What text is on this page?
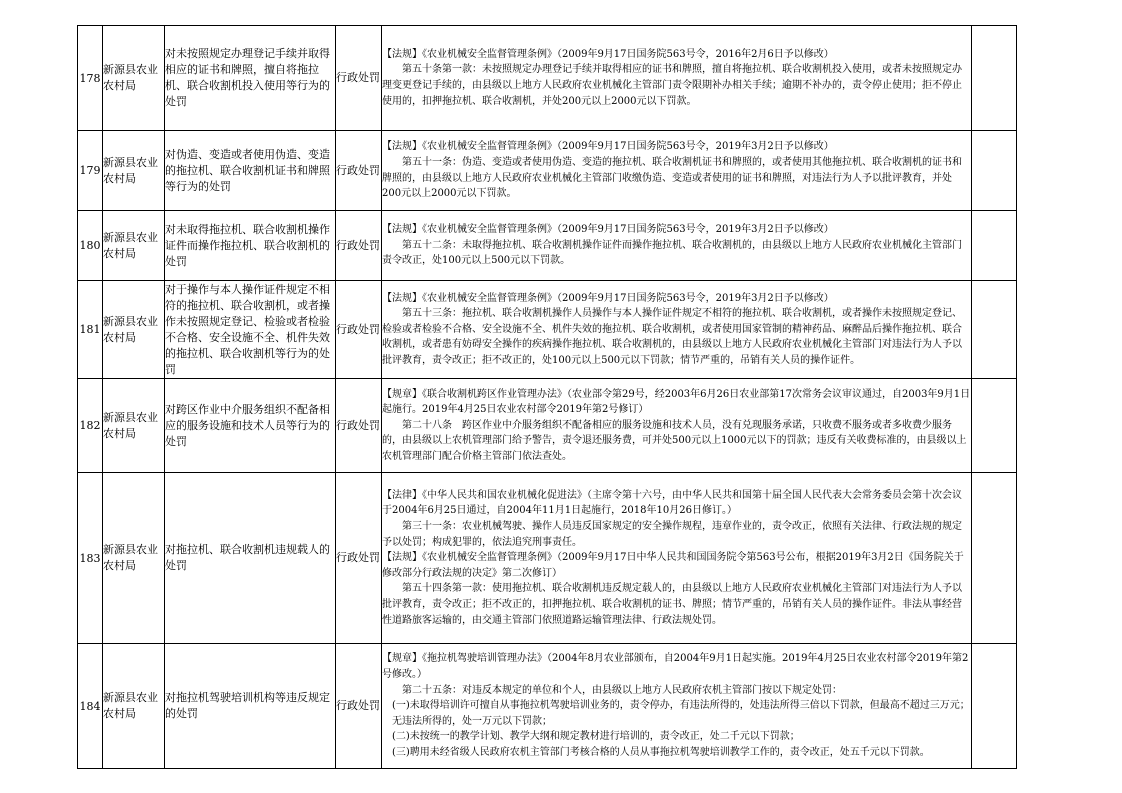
178	新源县农业农村局	对未按照规定办理登记手续并取得相应的证书和牌照，擅自将拖拉机、联合收割机投入使用等行为的处罚	行政处罚	【法规】《农业机械安全监督管理条例》（2009年9月17日国务院563号令，2016年2月6日予以修改）
第五十条第一款：未按照规定办理登记手续并取得相应的证书和牌照，擅自将拖拉机、联合收割机投入使用，或者未按照规定办理变更登记手续的，由县级以上地方人民政府农业机械化主管部门责令限期补办相关手续；逾期不补办的，责令停止使用；拒不停止使用的，扣押拖拉机、联合收割机，并处200元以上2000元以下罚款。	

179	新源县农业农村局	对伪造、变造或者使用伪造、变造的拖拉机、联合收割机证书和牌照等行为的处罚	行政处罚	【法规】《农业机械安全监督管理条例》（2009年9月17日国务院563号令，2019年3月2日予以修改）
第五十一条：伪造、变造或者使用伪造、变造的拖拉机、联合收割机证书和牌照的，或者使用其他拖拉机、联合收割机的证书和牌照的，由县级以上地方人民政府农业机械化主管部门收缴伪造、变造或者使用的证书和牌照，对违法行为人予以批评教育，并处200元以上2000元以下罚款。	

180	新源县农业农村局	对未取得拖拉机、联合收割机操作证件而操作拖拉机、联合收割机的处罚	行政处罚	【法规】《农业机械安全监督管理条例》（2009年9月17日国务院563号令，2019年3月2日予以修改）
第五十二条：未取得拖拉机、联合收割机操作证件而操作拖拉机、联合收割机的，由县级以上地方人民政府农业机械化主管部门责令改正，处100元以上500元以下罚款。	

181	新源县农业农村局	对于操作与本人操作证件规定不相符的拖拉机、联合收割机，或者操作未按照规定登记、检验或者检验不合格、安全设施不全、机件失效的拖拉机、联合收割机等行为的处罚	行政处罚	【法规】《农业机械安全监督管理条例》（2009年9月17日国务院563号令，2019年3月2日予以修改）
第五十三条：拖拉机、联合收割机操作人员操作与本人操作证件规定不相符的拖拉机、联合收割机，或者操作未按照规定登记、检验或者检验不合格、安全设施不全、机件失效的拖拉机、联合收割机，或者使用国家管制的精神药品、麻醉品后操作拖拉机、联合收割机，或者患有妨碍安全操作的疾病操作拖拉机、联合收割机的，由县级以上地方人民政府农业机械化主管部门对违法行为人予以批评教育，责令改正；拒不改正的，处100元以上500元以下罚款；情节严重的，吊销有关人员的操作证件。	

182	新源县农业农村局	对跨区作业中介服务组织不配备相应的服务设施和技术人员等行为的处罚	行政处罚	【规章】《联合收割机跨区作业管理办法》（农业部令第29号，经2003年6月26日农业部第17次常务会议审议通过，自2003年9月1日起施行。2019年4月25日农业农村部令2019年第2号修订）
第二十八条　跨区作业中介服务组织不配备相应的服务设施和技术人员，没有兑现服务承诺，只收费不服务或者多收费少服务的，由县级以上农机管理部门给予警告，责令退还服务费，可并处500元以上1000元以下的罚款；违反有关收费标准的，由县级以上农机管理部门配合价格主管部门依法查处。	

183	新源县农业农村局	对拖拉机、联合收割机违规载人的处罚	行政处罚	【法律】《中华人民共和国农业机械化促进法》（主席令第十六号，由中华人民共和国第十届全国人民代表大会常务委员会第十次会议于2004年6月25日通过，自2004年11月1日起施行，2018年10月26日修订。）
第三十一条：农业机械驾驶、操作人员违反国家规定的安全操作规程，违章作业的，责令改正，依照有关法律、行政法规的规定予以处罚；构成犯罪的，依法追究刑事责任。
【法规】《农业机械安全监督管理条例》（2009年9月17日中华人民共和国国务院令第563号公布，根据2019年3月2日《国务院关于修改部分行政法规的决定》第二次修订）
第五十四条第一款：使用拖拉机、联合收割机违反规定载人的，由县级以上地方人民政府农业机械化主管部门对违法行为人予以批评教育，责令改正；拒不改正的，扣押拖拉机、联合收割机的证书、牌照；情节严重的，吊销有关人员的操作证件。非法从事经营性道路旅客运输的，由交通主管部门依照道路运输管理法律、行政法规处罚。	

184	新源县农业农村局	对拖拉机驾驶培训机构等违反规定的处罚	行政处罚	【规章】《拖拉机驾驶培训管理办法》（2004年8月农业部颁布，自2004年9月1日起实施。2019年4月25日农业农村部令2019年第2号修改。）
第二十五条：对违反本规定的单位和个人，由县级以上地方人民政府农机主管部门按以下规定处罚：
(一)未取得培训许可擅自从事拖拉机驾驶培训业务的，责令停办，有违法所得的，处违法所得三倍以下罚款，但最高不超过三万元；无违法所得的，处一万元以下罚款；
(二)未按统一的教学计划、教学大纲和规定教材进行培训的，责令改正，处二千元以下罚款；
(三)聘用未经省级人民政府农机主管部门考核合格的人员从事拖拉机驾驶培训教学工作的，责令改正，处五千元以下罚款。	
